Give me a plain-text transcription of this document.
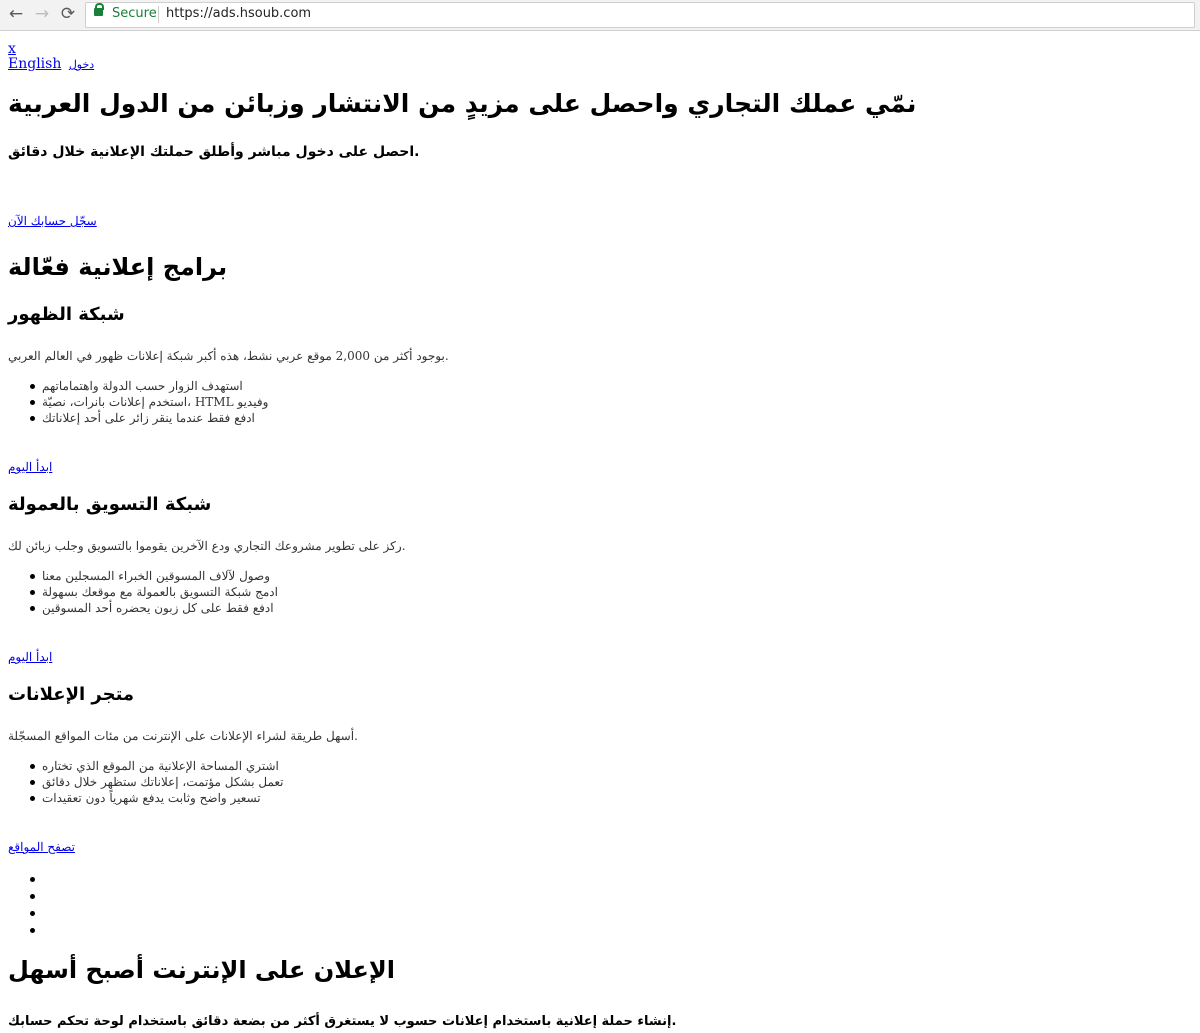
← → ⟳	Secure https://ads.hsoub.com
x
English دخول
نمّي عملك التجاري واحصل على مزيدٍ من الانتشار وزبائن من الدول العربية

احصل على دخول مباشر وأطلق حملتك الإعلانية خلال دقائق.

سجّل حسابك الآن
برامج إعلانية فعّالة
شبكة الظهور

بوجود أكثر من 2,000 موقع عربي نشط، هذه أكبر شبكة إعلانات ظهور في العالم العربي.

استهدف الزوار حسب الدولة واهتماماتهم
استخدم إعلانات بانرات، نصيّة، HTML وفيديو
ادفع فقط عندما ينقر زائر على أحد إعلاناتك
ابدأ اليوم
شبكة التسويق بالعمولة

ركز على تطوير مشروعك التجاري ودع الآخرين يقوموا بالتسويق وجلب زبائن لك.

وصول لآلاف المسوقين الخبراء المسجلين معنا
ادمج شبكة التسويق بالعمولة مع موقعك بسهولة
ادفع فقط على كل زبون يحضره أحد المسوقين
ابدأ اليوم
متجر الإعلانات

أسهل طريقة لشراء الإعلانات على الإنترنت من مئات المواقع المسجّلة.

اشتري المساحة الإعلانية من الموقع الذي تختاره
تعمل بشكل مؤتمت، إعلاناتك ستظهر خلال دقائق
تسعير واضح وثابت يدفع شهرياً دون تعقيدات
تصفح المواقع
الإعلان على الإنترنت أصبح أسهل

إنشاء حملة إعلانية باستخدام إعلانات حسوب لا يستغرق أكثر من بضعة دقائق باستخدام لوحة تحكم حسابك.
